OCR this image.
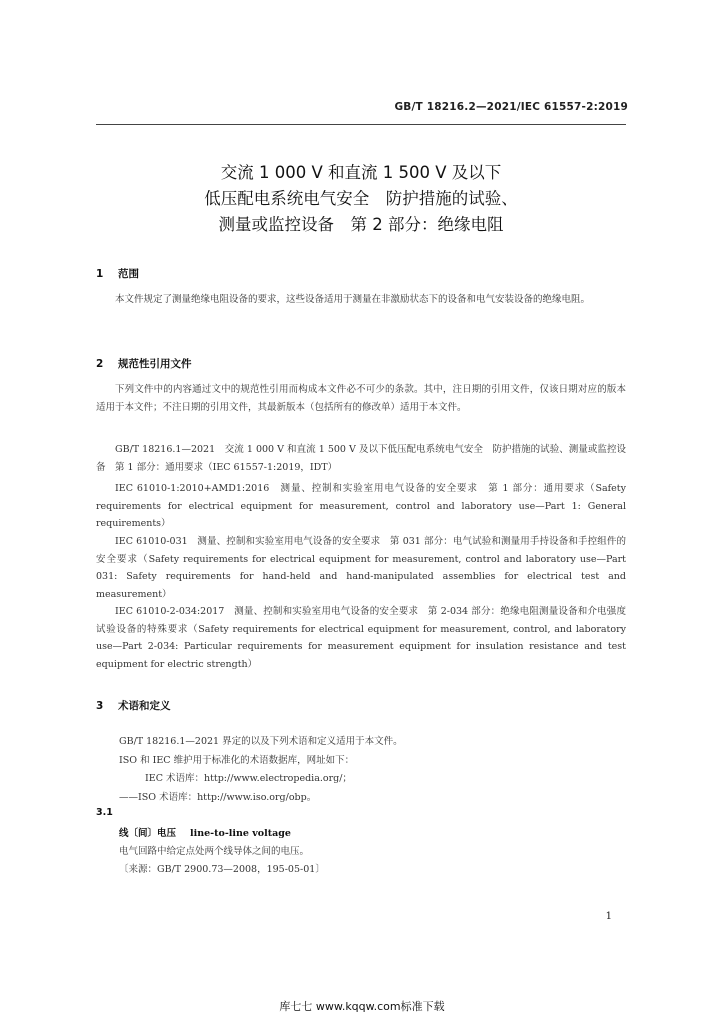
GB/T 18216.2—2021/IEC 61557-2:2019
交流 1 000 V 和直流 1 500 V 及以下
低压配电系统电气安全　防护措施的试验、
测量或监控设备　第 2 部分：绝缘电阻
1 范围
本文件规定了测量绝缘电阻设备的要求，这些设备适用于测量在非激励状态下的设备和电气安装设备的绝缘电阻。
2 规范性引用文件
下列文件中的内容通过文中的规范性引用而构成本文件必不可少的条款。其中，注日期的引用文件，仅该日期对应的版本适用于本文件；不注日期的引用文件，其最新版本（包括所有的修改单）适用于本文件。
GB/T 18216.1—2021　交流 1 000 V 和直流 1 500 V 及以下低压配电系统电气安全　防护措施的试验、测量或监控设备　第 1 部分：通用要求（IEC 61557-1:2019，IDT）
IEC 61010-1:2010+AMD1:2016　测量、控制和实验室用电气设备的安全要求　第 1 部分：通用要求（Safety requirements for electrical equipment for measurement, control and laboratory use—Part 1: General requirements）
IEC 61010-031　测量、控制和实验室用电气设备的安全要求　第 031 部分：电气试验和测量用手持设备和手控组件的安全要求（Safety requirements for electrical equipment for measurement, control and laboratory use—Part 031: Safety requirements for hand-held and hand-manipulated assemblies for electrical test and measurement）
IEC 61010-2-034:2017　测量、控制和实验室用电气设备的安全要求　第 2-034 部分：绝缘电阻测量设备和介电强度试验设备的特殊要求（Safety requirements for electrical equipment for measurement, control, and laboratory use—Part 2-034: Particular requirements for measurement equipment for insulation resistance and test equipment for electric strength）
3 术语和定义
GB/T 18216.1—2021 界定的以及下列术语和定义适用于本文件。
ISO 和 IEC 维护用于标准化的术语数据库，网址如下：
IEC 术语库：http://www.electropedia.org/；
——ISO 术语库：http://www.iso.org/obp。
3.1
线〔间〕电压 line-to-line voltage
电气回路中给定点处两个线导体之间的电压。
〔来源：GB/T 2900.73—2008，195-05-01〕
1
库七七 www.kqqw.com标准下载
